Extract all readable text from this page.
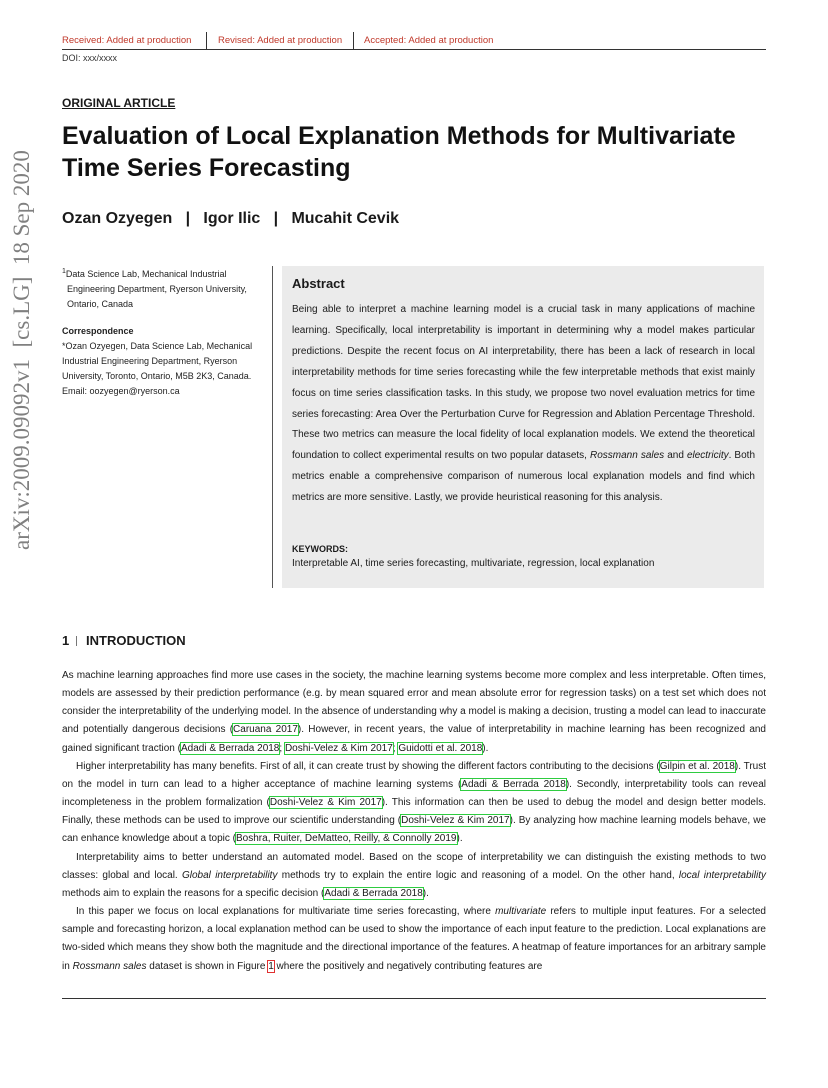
Received: Added at production	Revised: Added at production Accepted: Added at production
DOI: xxx/xxxx
ORIGINAL ARTICLE
Evaluation of Local Explanation Methods for Multivariate Time Series Forecasting
Ozan Ozyegen   |   Igor Ilic   |   Mucahit Cevik
arXiv:2009.09092v1  [cs.LG]  18 Sep 2020	$^1$Data Science Lab, Mechanical Industrial Engineering Department, Ryerson University, Ontario, Canada
Correspondence
*Ozan Ozyegen, Data Science Lab, Mechanical Industrial Engineering Department, Ryerson University, Toronto, Ontario, M5B 2K3, Canada. Email: oozyegen@ryerson.ca
Abstract
Being able to interpret a machine learning model is a crucial task in many applications of machine learning. Specifically, local interpretability is important in determining why a model makes particular predictions. Despite the recent focus on AI interpretability, there has been a lack of research in local interpretability methods for time series forecasting while the few interpretable methods that exist mainly focus on time series classification tasks. In this study, we propose two novel evaluation metrics for time series forecasting: Area Over the Perturbation Curve for Regression and Ablation Percentage Threshold. These two metrics can measure the local fidelity of local explanation models. We extend the theoretical foundation to collect experimental results on two popular datasets, Rossmann sales and electricity. Both metrics enable a comprehensive comparison of numerous local explanation models and find which metrics are more sensitive. Lastly, we provide heuristical reasoning for this analysis.
KEYWORDS:
Interpretable AI, time series forecasting, multivariate, regression, local explanation
1 INTRODUCTION

As machine learning approaches find more use cases in the society, the machine learning systems become more complex and less interpretable. Often times, models are assessed by their prediction performance (e.g. by mean squared error and mean absolute error for regression tasks) on a test set which does not consider the interpretability of the underlying model. In the absence of understanding why a model is making a decision, trusting a model can lead to inaccurate and potentially dangerous decisions (Caruana 2017). However, in recent years, the value of interpretability in machine learning has been recognized and gained significant traction (Adadi & Berrada 2018; Doshi-Velez & Kim 2017; Guidotti et al. 2018).

Higher interpretability has many benefits. First of all, it can create trust by showing the different factors contributing to the decisions (Gilpin et al. 2018). Trust on the model in turn can lead to a higher acceptance of machine learning systems (Adadi & Berrada 2018). Secondly, interpretability tools can reveal incompleteness in the problem formalization (Doshi-Velez & Kim 2017). This information can then be used to debug the model and design better models. Finally, these methods can be used to improve our scientific understanding (Doshi-Velez & Kim 2017). By analyzing how machine learning models behave, we can enhance knowledge about a topic (Boshra, Ruiter, DeMatteo, Reilly, & Connolly 2019).

Interpretability aims to better understand an automated model. Based on the scope of interpretability we can distinguish the existing methods to two classes: global and local. Global interpretability methods try to explain the entire logic and reasoning of a model. On the other hand, local interpretability methods aim to explain the reasons for a specific decision (Adadi & Berrada 2018).

In this paper we focus on local explanations for multivariate time series forecasting, where multivariate refers to multiple input features. For a selected sample and forecasting horizon, a local explanation method can be used to show the importance of each input feature to the prediction. Local explanations are two-sided which means they show both the magnitude and the directional importance of the features. A heatmap of feature importances for an arbitrary sample in Rossmann sales dataset is shown in Figure 1 where the positively and negatively contributing features are
